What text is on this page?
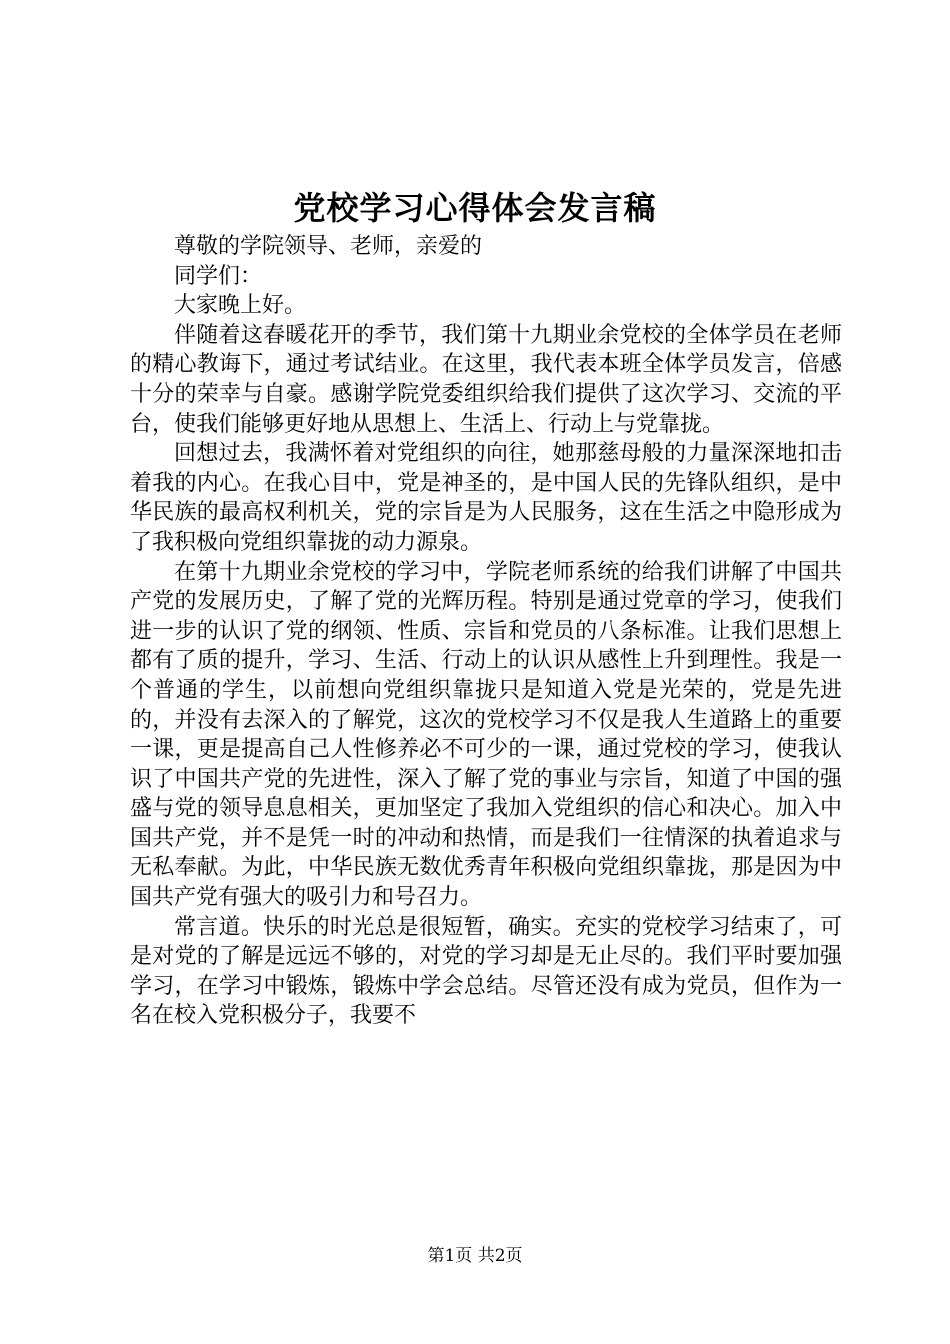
党校学习心得体会发言稿

尊敬的学院领导、老师，亲爱的

同学们：

大家晚上好。

伴随着这春暖花开的季节，我们第十九期业余党校的全体学员在老师的精心教诲下，通过考试结业。在这里，我代表本班全体学员发言，倍感十分的荣幸与自豪。感谢学院党委组织给我们提供了这次学习、交流的平台，使我们能够更好地从思想上、生活上、行动上与党靠拢。

回想过去，我满怀着对党组织的向往，她那慈母般的力量深深地扣击着我的内心。在我心目中，党是神圣的，是中国人民的先锋队组织，是中华民族的最高权利机关，党的宗旨是为人民服务，这在生活之中隐形成为了我积极向党组织靠拢的动力源泉。

在第十九期业余党校的学习中，学院老师系统的给我们讲解了中国共产党的发展历史，了解了党的光辉历程。特别是通过党章的学习，使我们进一步的认识了党的纲领、性质、宗旨和党员的八条标准。让我们思想上都有了质的提升，学习、生活、行动上的认识从感性上升到理性。我是一个普通的学生，以前想向党组织靠拢只是知道入党是光荣的，党是先进的，并没有去深入的了解党，这次的党校学习不仅是我人生道路上的重要一课，更是提高自己人性修养必不可少的一课，通过党校的学习，使我认识了中国共产党的先进性，深入了解了党的事业与宗旨，知道了中国的强盛与党的领导息息相关，更加坚定了我加入党组织的信心和决心。加入中国共产党，并不是凭一时的冲动和热情，而是我们一往情深的执着追求与无私奉献。为此，中华民族无数优秀青年积极向党组织靠拢，那是因为中国共产党有强大的吸引力和号召力。

常言道。快乐的时光总是很短暂，确实。充实的党校学习结束了，可是对党的了解是远远不够的，对党的学习却是无止尽的。我们平时要加强学习，在学习中锻炼，锻炼中学会总结。尽管还没有成为党员，但作为一名在校入党积极分子，我要不

第1页 共2页
